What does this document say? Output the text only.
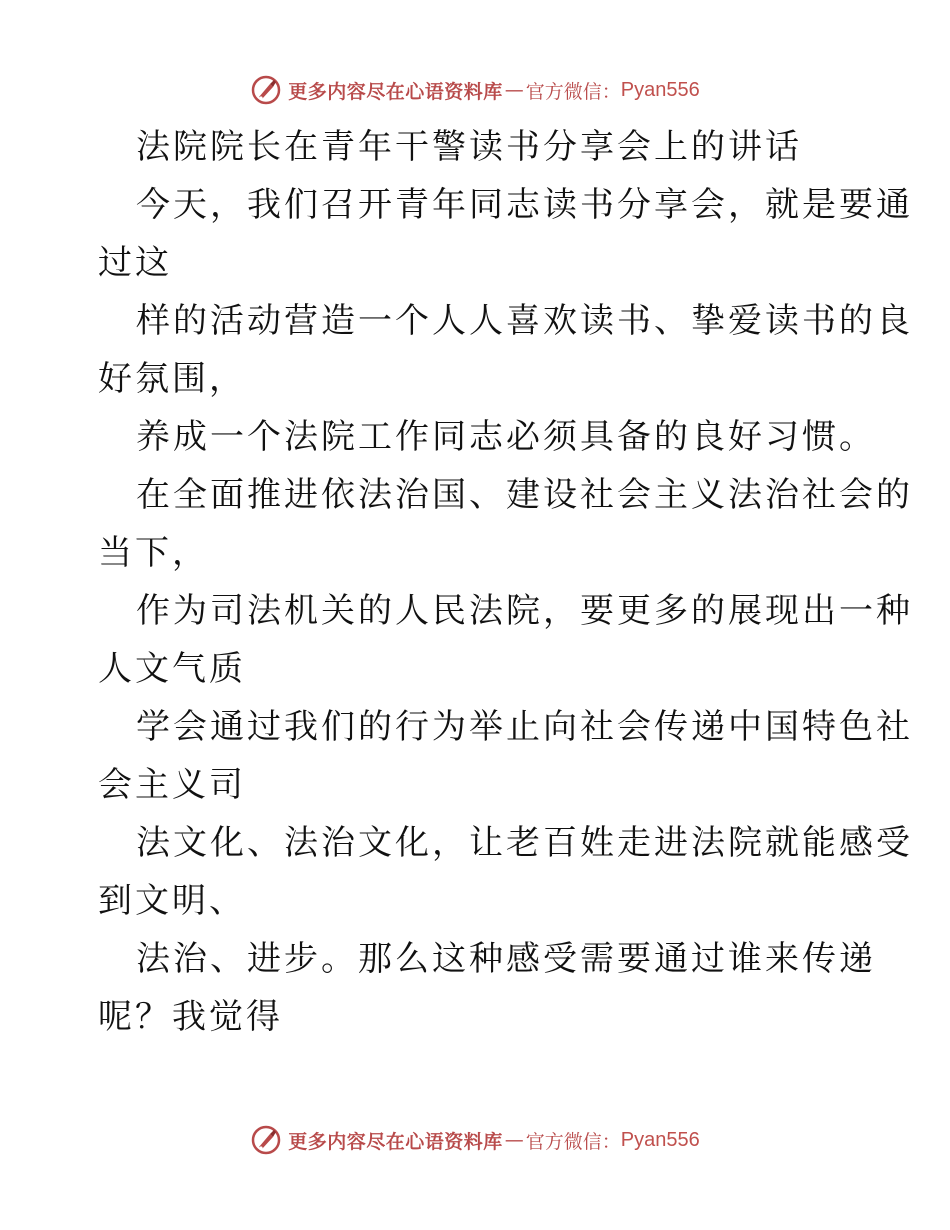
更多内容尽在心语资料库 — 官方微信： Pyan556
法院院长在青年干警读书分享会上的讲话
今天，我们召开青年同志读书分享会，就是要通
过这
样的活动营造一个人人喜欢读书、挚爱读书的良
好氛围，
养成一个法院工作同志必须具备的良好习惯。
在全面推进依法治国、建设社会主义法治社会的
当下，
作为司法机关的人民法院，要更多的展现出一种
人文气质
学会通过我们的行为举止向社会传递中国特色社
会主义司
法文化、法治文化，让老百姓走进法院就能感受
到文明、
法治、进步。那么这种感受需要通过谁来传递
呢？我觉得
更多内容尽在心语资料库 — 官方微信： Pyan556
